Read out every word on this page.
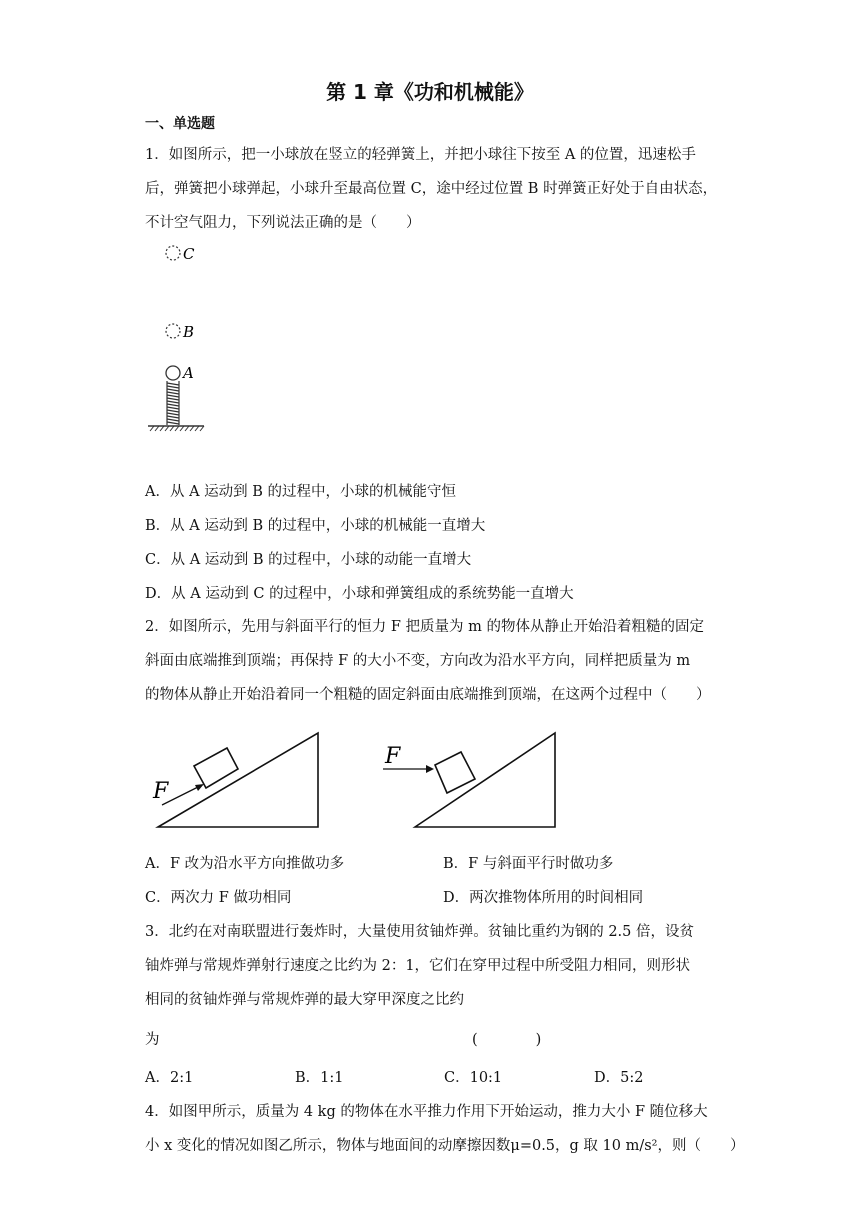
第 1 章《功和机械能》
一、单选题
1．如图所示，把一小球放在竖立的轻弹簧上，并把小球往下按至 A 的位置，迅速松手
后，弹簧把小球弹起，小球升至最高位置 C，途中经过位置 B 时弹簧正好处于自由状态，
不计空气阻力，下列说法正确的是（　　）
C
B
A
A．从 A 运动到 B 的过程中，小球的机械能守恒
B．从 A 运动到 B 的过程中，小球的机械能一直增大
C．从 A 运动到 B 的过程中，小球的动能一直增大
D．从 A 运动到 C 的过程中，小球和弹簧组成的系统势能一直增大
2．如图所示，先用与斜面平行的恒力 F 把质量为 m 的物体从静止开始沿着粗糙的固定
斜面由底端推到顶端；再保持 F 的大小不变，方向改为沿水平方向，同样把质量为 m
的物体从静止开始沿着同一个粗糙的固定斜面由底端推到顶端，在这两个过程中（　　）
F
F
A．F 改为沿水平方向推做功多	B．F 与斜面平行时做功多
C．两次力 F 做功相同	D．两次推物体所用的时间相同
3．北约在对南联盟进行轰炸时，大量使用贫铀炸弹。贫铀比重约为钢的 2.5 倍，设贫
铀炸弹与常规炸弹射行速度之比约为 2：1，它们在穿甲过程中所受阻力相同，则形状
相同的贫铀炸弹与常规炸弹的最大穿甲深度之比约
为	(　　　　)
A．2:1	B．1:1	C．10:1	D．5:2
4．如图甲所示，质量为 4 kg 的物体在水平推力作用下开始运动，推力大小 F 随位移大
小 x 变化的情况如图乙所示，物体与地面间的动摩擦因数μ=0.5，g 取 10 m/s²，则（　　）
